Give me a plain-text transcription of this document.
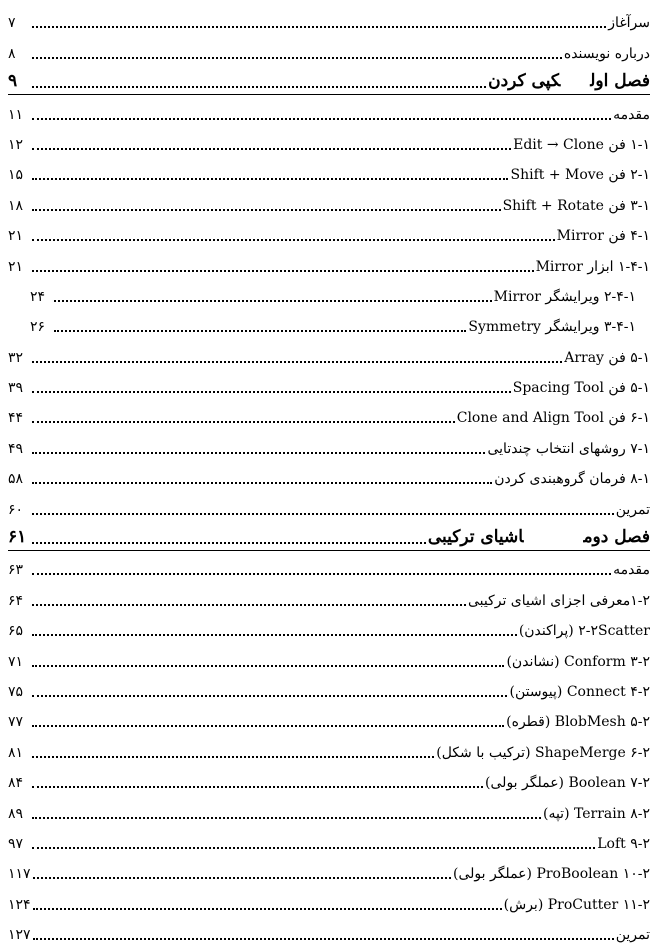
سرآغاز
۷
درباره نویسنده
۸
فصل اولکپی کردن
۹
مقدمه
۱۱
۱-۱ فن Edit → Clone
۱۲
۲-۱ فن Shift + Move
۱۵
۳-۱ فن Shift + Rotate
۱۸
۴-۱ فن Mirror
۲۱
۱-۴-۱ ابزار Mirror
۲۱
۲-۴-۱ ویرایشگر Mirror
۲۴
۳-۴-۱ ویرایشگر Symmetry
۲۶
۵-۱ فن Array
۳۲
۵-۱ فن Spacing Tool
۳۹
۶-۱ فن Clone and Align Tool
۴۴
۷-۱ روشهای انتخاب چندتایی
۴۹
۸-۱ فرمان گروهبندی کردن
۵۸
تمرین
۶۰
فصل دوماشیای ترکیبی
۶۱
مقدمه
۶۳
۱-۲معرفی اجزای اشیای ترکیبی
۶۴
۲-۲Scatter (پراکندن)
۶۵
۳-۲ Conform (نشاندن)
۷۱
۴-۲ Connect (پیوستن)
۷۵
۵-۲ BlobMesh (قطره)
۷۷
۶-۲ ShapeMerge (ترکیب با شکل)
۸۱
۷-۲ Boolean (عملگر بولی)
۸۴
۸-۲ Terrain (تپه)
۸۹
۹-۲ Loft
۹۷
۱۰-۲ ProBoolean (عملگر بولی)
۱۱۷
۱۱-۲ ProCutter (برش)
۱۲۴
تمرین
۱۲۷
